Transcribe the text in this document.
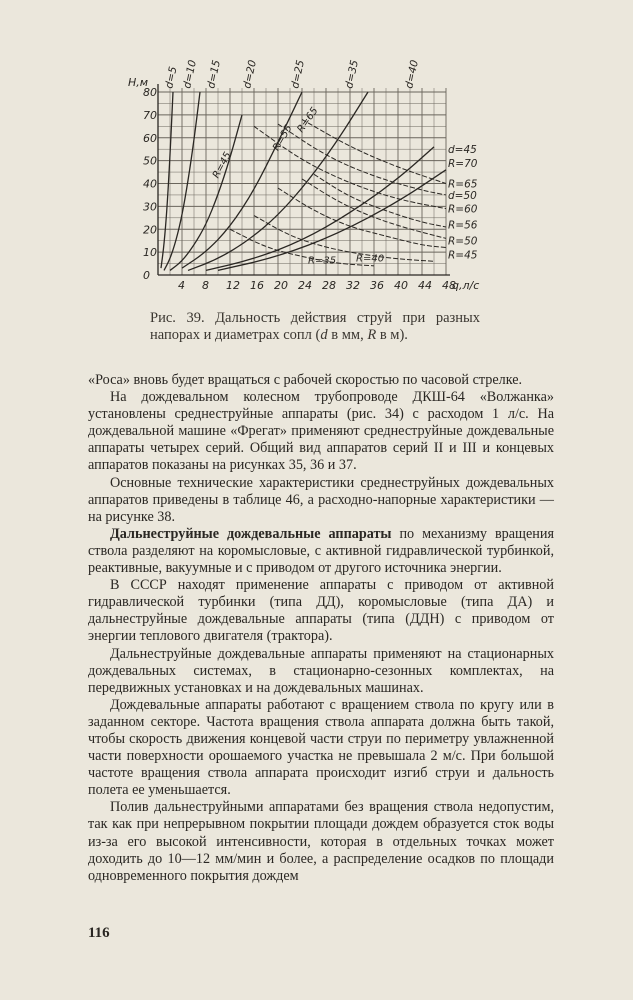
4 8 12 16 20 24 28 32 36 40 44 48
0
10
20
30
40
50
60
70
80
Н,м
q,л/с
d=5 d=10 d=15 d=20	d=25	d=35	d=40
d=45
R=70
R=65
d=50
R=60
R=56
R=50
R=45
R=65
R=55
R=45
R=35 R=40
Рис. 39. Дальность действия струй при разных напорах и диаметрах сопл (d в мм, R в м).

«Роса» вновь будет вращаться с рабочей скоростью по часовой стрелке.

На дождевальном колесном трубопроводе ДКШ-64 «Волжанка» установлены среднеструйные аппараты (рис. 34) с расходом 1 л/с. На дождевальной машине «Фрегат» применяют среднеструйные дождевальные аппараты четырех серий. Общий вид аппаратов серий II и III и концевых аппаратов показаны на рисунках 35, 36 и 37.

Основные технические характеристики среднеструйных дождевальных аппаратов приведены в таблице 46, а расходно-напорные характеристики — на рисунке 38.

Дальнеструйные дождевальные аппараты по механизму вращения ствола разделяют на коромысловые, с активной гидравлической турбинкой, реактивные, вакуумные и с приводом от другого источника энергии.

В СССР находят применение аппараты с приводом от активной гидравлической турбинки (типа ДД), коромысловые (типа ДА) и дальнеструйные дождевальные аппараты (типа (ДДН) с приводом от энергии теплового двигателя (трактора).

Дальнеструйные дождевальные аппараты применяют на стационарных дождевальных системах, в стационарно-сезонных комплектах, на передвижных установках и на дождевальных машинах.

Дождевальные аппараты работают с вращением ствола по кругу или в заданном секторе. Частота вращения ствола аппарата должна быть такой, чтобы скорость движения концевой части струи по периметру увлажненной части поверхности орошаемого участка не превышала 2 м/с. При большой частоте вращения ствола аппарата происходит изгиб струи и дальность полета ее уменьшается.

Полив дальнеструйными аппаратами без вращения ствола недопустим, так как при непрерывном покрытии площади дождем образуется сток воды из-за его высокой интенсивности, которая в отдельных точках может доходить до 10—12 мм/мин и более, а распределение осадков по площади одновременного покрытия дождем

116
